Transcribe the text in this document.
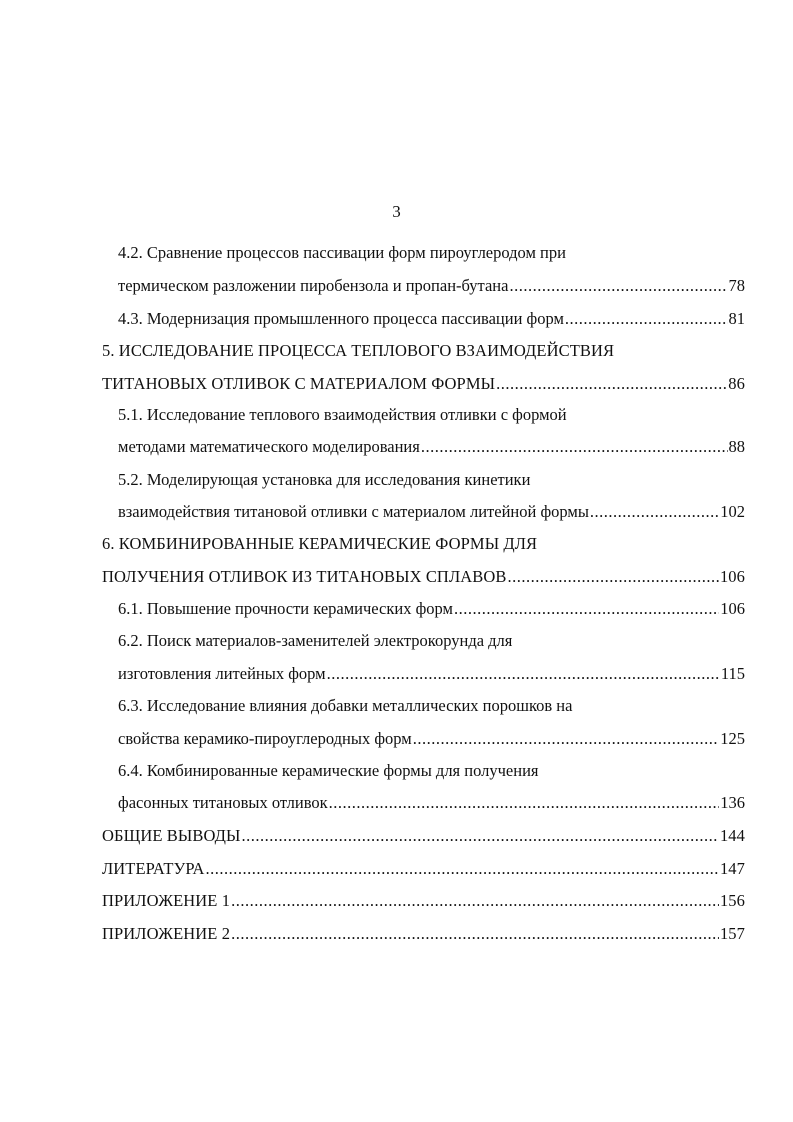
3
4.2. Сравнение процессов пассивации форм пироуглеродом при
термическом разложении пиробензола и пропан-бутана .....	78
4.3. Модернизация промышленного процесса пассивации форм .....	81
5. ИССЛЕДОВАНИЕ ПРОЦЕССА ТЕПЛОВОГО ВЗАИМОДЕЙСТВИЯ
ТИТАНОВЫХ ОТЛИВОК С МАТЕРИАЛОМ ФОРМЫ .....	86
5.1. Исследование теплового взаимодействия отливки с формой
методами математического моделирования .....	88
5.2. Моделирующая установка для исследования кинетики
взаимодействия титановой отливки с материалом литейной формы .....	102
6. КОМБИНИРОВАННЫЕ КЕРАМИЧЕСКИЕ ФОРМЫ ДЛЯ
ПОЛУЧЕНИЯ ОТЛИВОК ИЗ ТИТАНОВЫХ СПЛАВОВ .....	106
6.1. Повышение прочности керамических форм .....	106
6.2. Поиск материалов-заменителей электрокорунда для
изготовления литейных форм .....	115
6.3. Исследование влияния добавки металлических порошков на
свойства керамико-пироуглеродных форм .....	125
6.4. Комбинированные керамические формы для получения
фасонных титановых отливок .....	136
ОБЩИЕ ВЫВОДЫ .....	144
ЛИТЕРАТУРА .....	147
ПРИЛОЖЕНИЕ 1 .....	156
ПРИЛОЖЕНИЕ 2 .....	157
